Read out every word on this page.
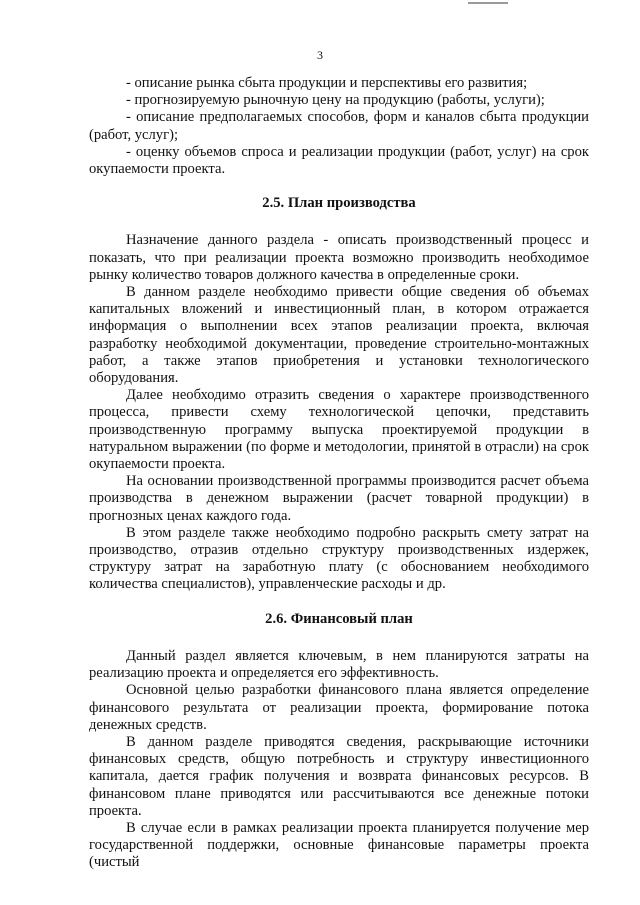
3

- описание рынка сбыта продукции и перспективы его развития;

- прогнозируемую рыночную цену на продукцию (работы, услуги);

- описание предполагаемых способов, форм и каналов сбыта продукции (работ, услуг);

- оценку объемов спроса и реализации продукции (работ, услуг) на срок окупаемости проекта.

2.5. План производства

Назначение данного раздела - описать производственный процесс и показать, что при реализации проекта возможно производить необходимое рынку количество товаров должного качества в определенные сроки.

В данном разделе необходимо привести общие сведения об объемах капитальных вложений и инвестиционный план, в котором отражается информация о выполнении всех этапов реализации проекта, включая разработку необходимой документации, проведение строительно-монтажных работ, а также этапов приобретения и установки технологического оборудования.

Далее необходимо отразить сведения о характере производственного процесса, привести схему технологической цепочки, представить производственную программу выпуска проектируемой продукции в натуральном выражении (по форме и методологии, принятой в отрасли) на срок окупаемости проекта.

На основании производственной программы производится расчет объема производства в денежном выражении (расчет товарной продукции) в прогнозных ценах каждого года.

В этом разделе также необходимо подробно раскрыть смету затрат на производство, отразив отдельно структуру производственных издержек, структуру затрат на заработную плату (с обоснованием необходимого количества специалистов), управленческие расходы и др.

2.6. Финансовый план

Данный раздел является ключевым, в нем планируются затраты на реализацию проекта и определяется его эффективность.

Основной целью разработки финансового плана является определение финансового результата от реализации проекта, формирование потока денежных средств.

В данном разделе приводятся сведения, раскрывающие источники финансовых средств, общую потребность и структуру инвестиционного капитала, дается график получения и возврата финансовых ресурсов. В финансовом плане приводятся или рассчитываются все денежные потоки проекта.

В случае если в рамках реализации проекта планируется получение мер государственной поддержки, основные финансовые параметры проекта (чистый
